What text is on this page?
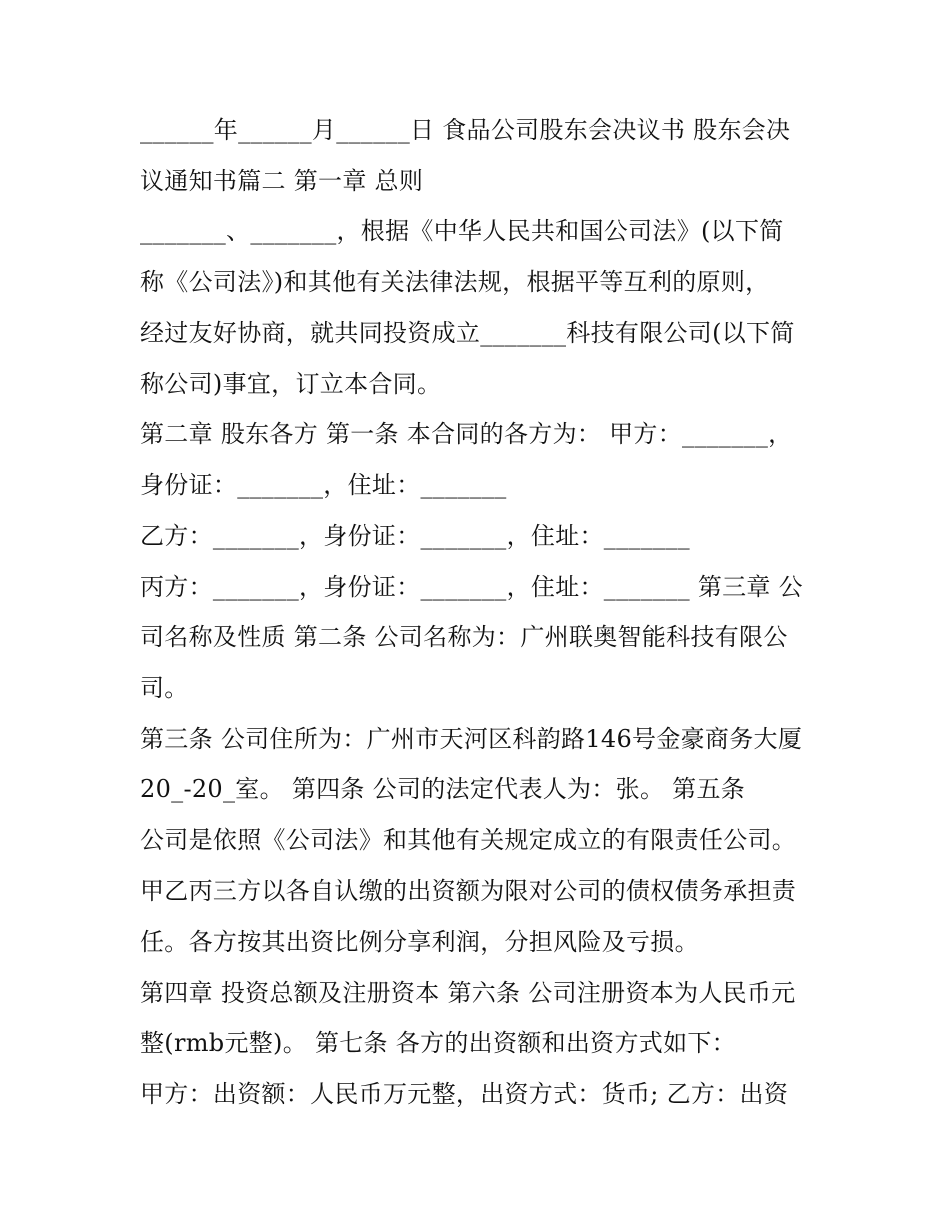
______年______月______日 食品公司股东会决议书 股东会决
议通知书篇二 第一章 总则
_______、_______，根据《中华人民共和国公司法》(以下简
称《公司法》)和其他有关法律法规，根据平等互利的原则，
经过友好协商，就共同投资成立_______科技有限公司(以下简
称公司)事宜，订立本合同。
第二章 股东各方 第一条 本合同的各方为： 甲方：_______，
身份证：_______，住址：_______
乙方：_______，身份证：_______，住址：_______
丙方：_______，身份证：_______，住址：_______ 第三章 公
司名称及性质 第二条 公司名称为：广州联奥智能科技有限公
司。
第三条 公司住所为：广州市天河区科韵路146号金豪商务大厦
20_-20_室。 第四条 公司的法定代表人为：张。 第五条
公司是依照《公司法》和其他有关规定成立的有限责任公司。
甲乙丙三方以各自认缴的出资额为限对公司的债权债务承担责
任。各方按其出资比例分享利润，分担风险及亏损。
第四章 投资总额及注册资本 第六条 公司注册资本为人民币元
整(rmb元整)。 第七条 各方的出资额和出资方式如下：
甲方：出资额：人民币万元整，出资方式：货币; 乙方：出资
